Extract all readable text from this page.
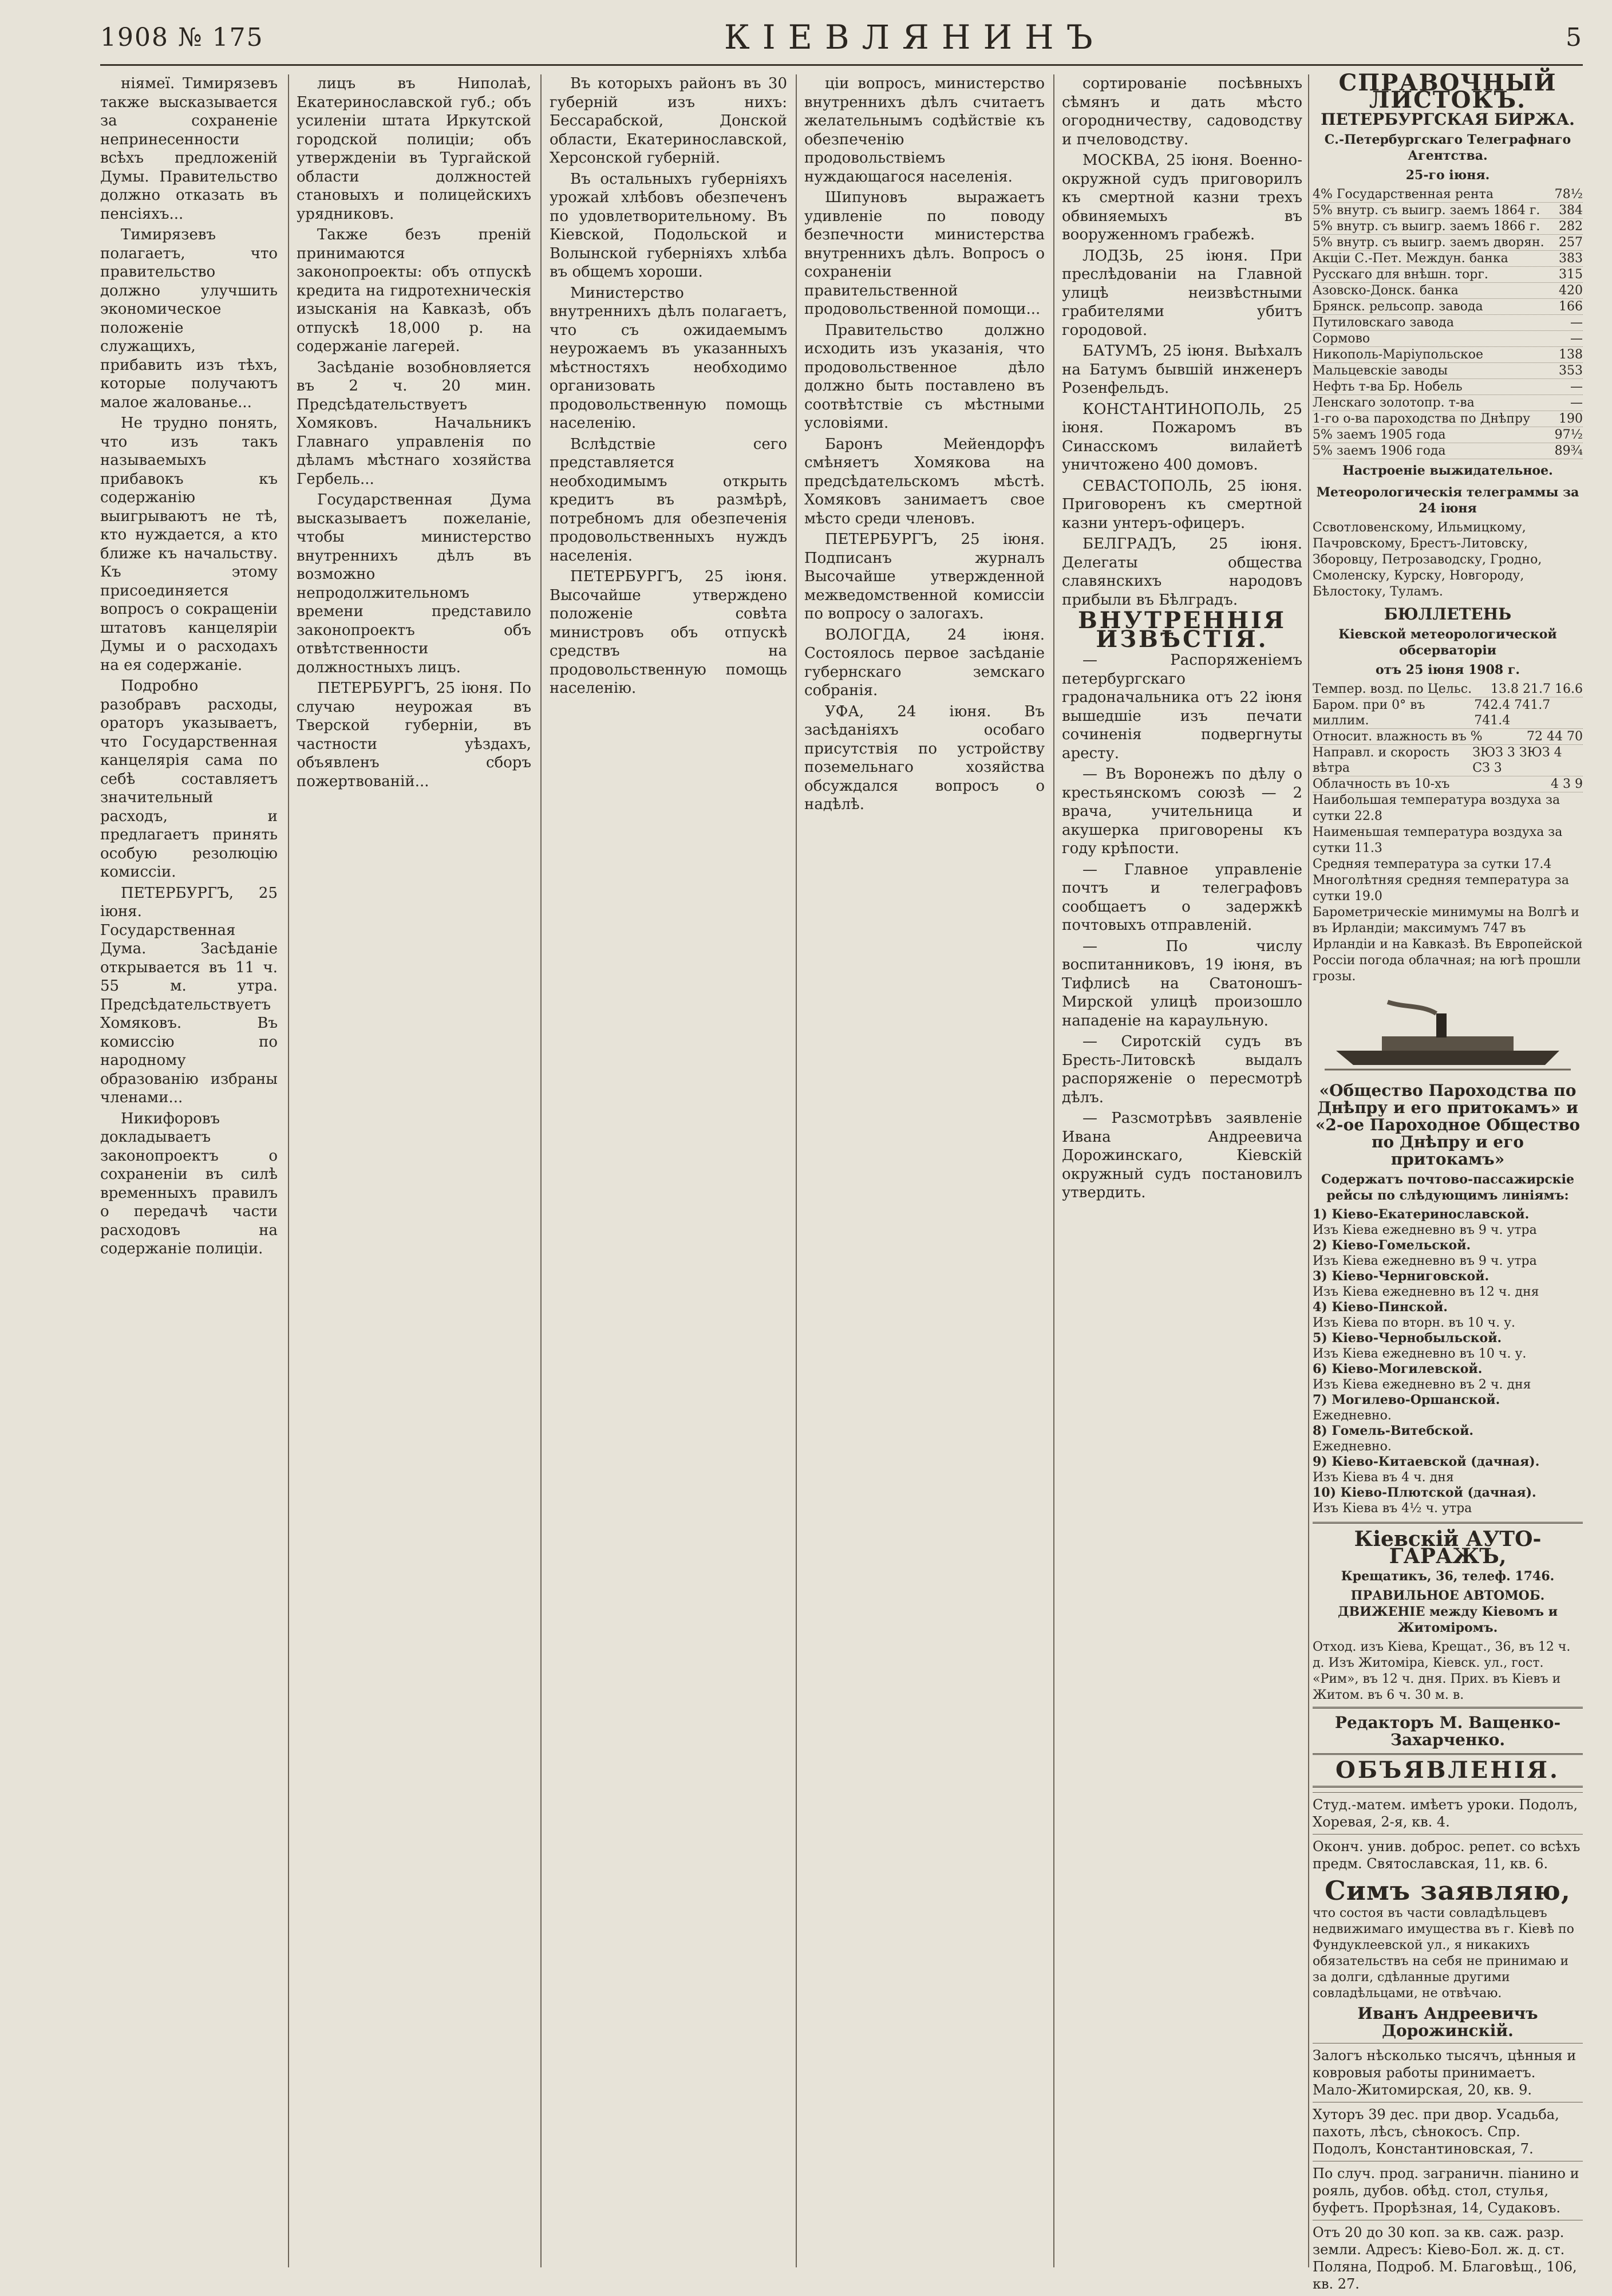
1908 № 175	КІЕВЛЯНИНЪ	5

ніямеї. Тимирязевъ также высказывается за сохраненіе непринесенности всѣхъ предложеній Думы. Правительство должно отказать въ пенсіяхъ...

Тимирязевъ полагаетъ, что правительство должно улучшить экономическое положеніе служащихъ, прибавить изъ тѣхъ, которые получаютъ малое жалованье...

Не трудно понять, что изъ такъ называемыхъ прибавокъ къ содержанію выигрываютъ не тѣ, кто нуждается, а кто ближе къ начальству. Къ этому присоединяется вопросъ о сокращеніи штатовъ канцеляріи Думы и о расходахъ на ея содержаніе.

Подробно разобравъ расходы, ораторъ указываетъ, что Государственная канцелярія сама по себѣ составляетъ значительный расходъ, и предлагаетъ принять особую резолюцію комиссіи.

ПЕТЕРБУРГЪ, 25 іюня. Государственная Дума. Засѣданіе открывается въ 11 ч. 55 м. утра. Предсѣдательствуетъ Хомяковъ. Въ комиссію по народному образованію избраны членами...

Никифоровъ докладываетъ законопроектъ о сохраненіи въ силѣ временныхъ правилъ о передачѣ части расходовъ на содержаніе полиціи.

лицъ въ Ниполаѣ, Екатеринославской губ.; объ усиленіи штата Иркутской городской полиціи; объ утвержденіи въ Тургайской области должностей становыхъ и полицейскихъ урядниковъ.

Также безъ преній принимаются законопроекты: объ отпускѣ кредита на гидротехническія изысканія на Кавказѣ, объ отпускѣ 18,000 р. на содержаніе лагерей.

Засѣданіе возобновляется въ 2 ч. 20 мин. Предсѣдательствуетъ Хомяковъ. Начальникъ Главнаго управленія по дѣламъ мѣстнаго хозяйства Гербель...

Государственная Дума высказываетъ пожеланіе, чтобы министерство внутреннихъ дѣлъ въ возможно непродолжительномъ времени представило законопроектъ объ отвѣтственности должностныхъ лицъ.

ПЕТЕРБУРГЪ, 25 іюня. По случаю неурожая въ Тверской губерніи, въ частности уѣздахъ, объявленъ сборъ пожертвованій...

Въ которыхъ районъ въ 30 губерній изъ нихъ: Бессарабской, Донской области, Екатеринославской, Херсонской губерній.

Въ остальныхъ губерніяхъ урожай хлѣбовъ обезпеченъ по удовлетворительному. Въ Кіевской, Подольской и Волынской губерніяхъ хлѣба въ общемъ хороши.

Министерство внутреннихъ дѣлъ полагаетъ, что съ ожидаемымъ неурожаемъ въ указанныхъ мѣстностяхъ необходимо организовать продовольственную помощь населенію.

Вслѣдствіе сего представляется необходимымъ открыть кредитъ въ размѣрѣ, потребномъ для обезпеченія продовольственныхъ нуждъ населенія.

ПЕТЕРБУРГЪ, 25 іюня. Высочайше утверждено положеніе совѣта министровъ объ отпускѣ средствъ на продовольственную помощь населенію.

ціи вопросъ, министерство внутреннихъ дѣлъ считаетъ желательнымъ содѣйствіе къ обезпеченію продовольствіемъ нуждающагося населенія.

Шипуновъ выражаетъ удивленіе по поводу безпечности министерства внутреннихъ дѣлъ. Вопросъ о сохраненіи правительственной продовольственной помощи...

Правительство должно исходить изъ указанія, что продовольственное дѣло должно быть поставлено въ соотвѣтствіе съ мѣстными условіями.

Баронъ Мейендорфъ смѣняетъ Хомякова на предсѣдательскомъ мѣстѣ. Хомяковъ занимаетъ свое мѣсто среди членовъ.

ПЕТЕРБУРГЪ, 25 іюня. Подписанъ журналъ Высочайше утвержденной межведомственной комиссіи по вопросу о залогахъ.

ВОЛОГДА, 24 іюня. Состоялось первое засѣданіе губернскаго земскаго собранія.

УФА, 24 іюня. Въ засѣданіяхъ особаго присутствія по устройству поземельнаго хозяйства обсуждался вопросъ о надѣлѣ.

сортированіе посѣвныхъ сѣмянъ и дать мѣсто огородничеству, садоводству и пчеловодству.

МОСКВА, 25 іюня. Военно-окружной судъ приговорилъ къ смертной казни трехъ обвиняемыхъ въ вооруженномъ грабежѣ.

ЛОДЗЬ, 25 іюня. При преслѣдованіи на Главной улицѣ неизвѣстными грабителями убитъ городовой.

БАТУМЪ, 25 іюня. Выѣхалъ на Батумъ бывшій инженеръ Розенфельдъ.

КОНСТАНТИНОПОЛЬ, 25 іюня. Пожаромъ въ Синасскомъ вилайетѣ уничтожено 400 домовъ.

СЕВАСТОПОЛЬ, 25 іюня. Приговоренъ къ смертной казни унтеръ-офицеръ.

БЕЛГРАДЪ, 25 іюня. Делегаты общества славянскихъ народовъ прибыли въ Бѣлградъ.

ВНУТРЕННІЯ ИЗВѢСТІЯ.

— Распоряженіемъ петербургскаго градоначальника отъ 22 іюня вышедшіе изъ печати сочиненія подвергнуты аресту.

— Въ Воронежъ по дѣлу о крестьянскомъ союзѣ — 2 врача, учительница и акушерка приговорены къ году крѣпости.

— Главное управленіе почтъ и телеграфовъ сообщаетъ о задержкѣ почтовыхъ отправленій.

— По числу воспитанниковъ, 19 іюня, въ Тифлисѣ на Сватоношъ-Мирской улицѣ произошло нападеніе на караульную.

— Сиротскій судъ въ Бресть-Литовскѣ выдалъ распоряженіе о пересмотрѣ дѣлъ.

— Разсмотрѣвъ заявленіе Ивана Андреевича Дорожинскаго, Кіевскій окружный судъ постановилъ утвердить.

СПРАВОЧНЫЙ ЛИСТОКЪ.
ПЕТЕРБУРГСКАЯ БИРЖА.
С.-Петербургскаго Телеграфнаго Агентства.
25-го іюня.
4% Государственная рента	78½
5% внутр. съ выигр. заемъ 1864 г. 384
5% внутр. съ выигр. заемъ 1866 г. 282
5% внутр. съ выигр. заемъ дворян. 257
Акціи С.-Пет. Междун. банка	383
Русскаго для внѣшн. торг.	315
Азовско-Донск. банка	420
Брянск. рельсопр. завода	166
Путиловскаго завода	—
Сормово	—
Никополь-Маріупольское	138
Мальцевскіе заводы	353
Нефть т-ва Бр. Нобель	—
Ленскаго золотопр. т-ва	—
1-го о-ва пароходства по Днѣпру 190
5% заемъ 1905 года	97½
5% заемъ 1906 года	89¾
Настроеніе выжидательное.
Метеорологическія телеграммы за 24 іюня
Ссвотловенскому, Ильмицкому, Пачровскому, Брестъ-Литовску, Зборовцу, Петрозаводску, Гродно, Смоленску, Курску, Новгороду, Бѣлостоку, Туламъ.
БЮЛЛЕТЕНЬ
Кіевской метеорологической обсерваторіи
отъ 25 іюня 1908 г.
Темпер. возд. по Цельс. 13.8 21.7 16.6
Баром. при 0° въ миллим.
742.4 741.7 741.4
Относит. влажность въ %	72 44 70
Направл. и скорость вѣтра
ЗЮЗ 3 ЗЮЗ 4 СЗ 3
Облачность въ 10-хъ	4 3 9
Наибольшая температура воздуха за сутки 22.8
Наименьшая температура воздуха за сутки 11.3
Средняя температура за сутки 17.4
Многолѣтняя средняя температура за сутки 19.0
Барометрическіе минимумы на Волгѣ и въ Ирландіи; максимумъ 747 въ Ирландіи и на Кавказѣ. Въ Европейской Россіи погода облачная; на югѣ прошли грозы.
«Общество Пароходства по Днѣпру и его притокамъ» и «2-ое Пароходное Общество по Днѣпру и его притокамъ»
Содержатъ почтово-пассажирскіе рейсы по слѣдующимъ линіямъ:
1) Кіево-Екатеринославской.
Изъ Кіева ежедневно въ 9 ч. утра
2) Кіево-Гомельской.
Изъ Кіева ежедневно въ 9 ч. утра
3) Кіево-Черниговской.
Изъ Кіева ежедневно въ 12 ч. дня
4) Кіево-Пинской.
Изъ Кіева по вторн. въ 10 ч. у.
5) Кіево-Чернобыльской.
Изъ Кіева ежедневно въ 10 ч. у.
6) Кіево-Могилевской.
Изъ Кіева ежедневно въ 2 ч. дня
7) Могилево-Оршанской.
Ежедневно.
8) Гомель-Витебской.
Ежедневно.
9) Кіево-Китаевской (дачная).
Изъ Кіева въ 4 ч. дня
10) Кіево-Плютской (дачная).
Изъ Кіева въ 4½ ч. утра
Кіевскій АУТО-ГАРАЖЪ,
Крещатикъ, 36, телеф. 1746.
ПРАВИЛЬНОЕ АВТОМОБ. ДВИЖЕНІЕ между Кіевомъ и Житоміромъ.
Отход. изъ Кіева, Крещат., 36, въ 12 ч. д. Изъ Житоміра, Кіевск. ул., гост. «Рим», въ 12 ч. дня. Прих. въ Кіевъ и Житом. въ 6 ч. 30 м. в.
Редакторъ М. Ващенко-Захарченко.
ОБЪЯВЛЕНІЯ.
Студ.-матем. имѣетъ уроки. Подолъ, Хоревая, 2-я, кв. 4.
Оконч. унив. доброс. репет. со всѣхъ предм. Святославская, 11, кв. 6.
Симъ заявляю,
что состоя въ части совладѣльцевъ недвижимаго имущества въ г. Кіевѣ по Фундуклеевской ул., я никакихъ обязательствъ на себя не принимаю и за долги, сдѣланные другими совладѣльцами, не отвѣчаю.
Иванъ Андреевичъ Дорожинскій.
Залогъ нѣсколько тысячъ, цѣнныя и ковровыя работы принимаетъ. Мало-Житомирская, 20, кв. 9.
Хуторъ 39 дес. при двор. Усадьба, пахоть, лѣсъ, сѣнокосъ. Спр. Подолъ, Константиновская, 7.
По случ. прод. заграничн. піанино и рояль, дубов. обѣд. стол, стулья, буфетъ. Прорѣзная, 14, Судаковъ.
Отъ 20 до 30 коп. за кв. саж. разр. земли. Адресъ: Кіево-Бол. ж. д. ст. Поляна, Подроб. М. Благовѣщ., 106, кв. 27.
